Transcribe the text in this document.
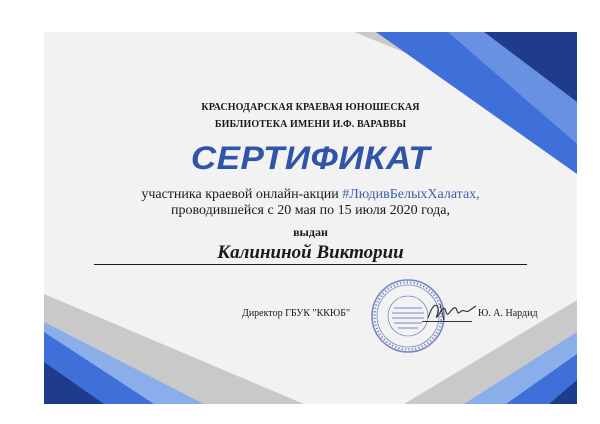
КРАСНОДАРСКАЯ КРАЕВАЯ ЮНОШЕСКАЯ
БИБЛИОТЕКА ИМЕНИ И.Ф. ВАРАВВЫ
СЕРТИФИКАТ
участника краевой онлайн-акции #ЛюдивБелыхХалатах,
проводившейся с 20 мая по 15 июля 2020 года,
выдан
Калининой Виктории
Директор ГБУК "ККЮБ"	Ю. А. Нардид
